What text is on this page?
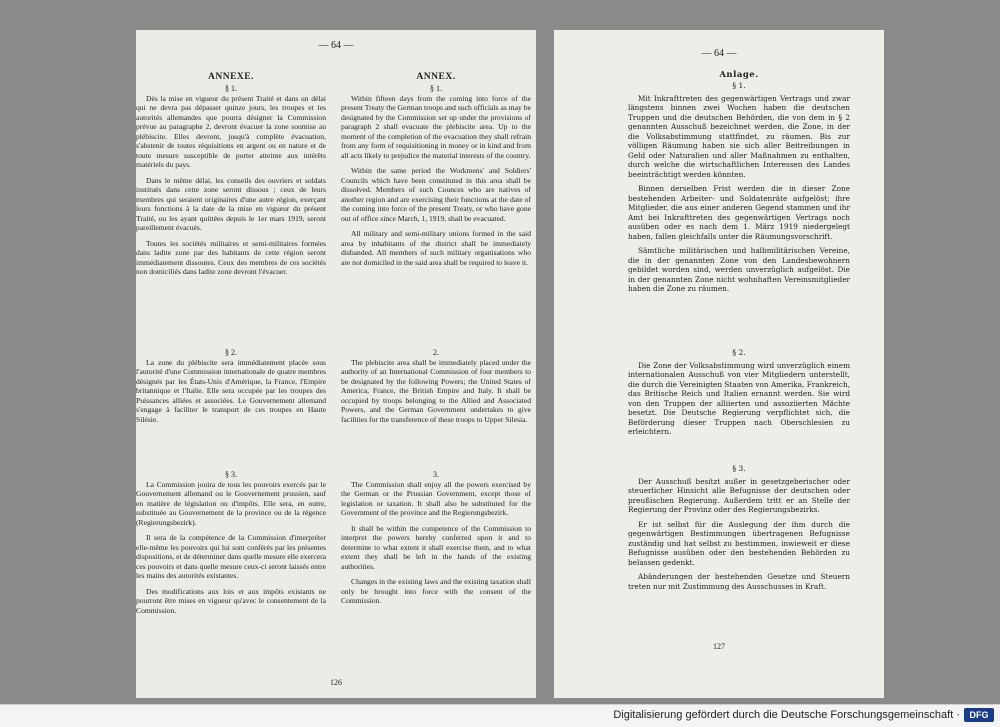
— 64 —
ANNEXE.
§ 1.

Dès la mise en vigueur du présent Traité et dans un délai qui ne devra pas dépasser quinze jours, les troupes et les autorités allemandes que pourra désigner la Commission prévue au paragraphe 2, devront évacuer la zone soumise au plébiscite. Elles devront, jusqu'à complète évacuation, s'abstenir de toutes réquisitions en argent ou en nature et de toute mesure susceptible de porter atteinte aux intérêts matériels du pays.

Dans le même délai, les conseils des ouvriers et soldats institués dans cette zone seront dissous ; ceux de leurs membres qui seraient originaires d'une autre région, exerçant leurs fonctions à la date de la mise en vigueur du présent Traité, ou les ayant quittées depuis le 1er mars 1919, seront pareillement évacués.

Toutes les sociétés militaires et semi-militaires formées dans ladite zone par des habitants de cette région seront immédiatement dissoutes. Ceux des membres de ces sociétés non domiciliés dans ladite zone devront l'évacuer.

§ 2.

La zone du plébiscite sera immédiatement placée sous l'autorité d'une Commission internationale de quatre membres désignés par les États-Unis d'Amérique, la France, l'Empire britannique et l'Italie. Elle sera occupée par les troupes des Puissances alliées et associées. Le Gouvernement allemand s'engage à faciliter le transport de ces troupes en Haute Silésie.

§ 3.

La Commission jouira de tous les pouvoirs exercés par le Gouvernement allemand ou le Gouvernement prussien, sauf en matière de législation ou d'impôts. Elle sera, en outre, substituée au Gouvernement de la province ou de la régence (Regierungsbezirk).

Il sera de la compétence de la Commission d'interpréter elle-même les pouvoirs qui lui sont conférés par les présentes dispositions, et de déterminer dans quelle mesure elle exercera ces pouvoirs et dans quelle mesure ceux-ci seront laissés entre les mains des autorités existantes.

Des modifications aux lois et aux impôts existants ne pourront être mises en vigueur qu'avec le consentement de la Commission.

ANNEX.
§ 1.

Within fifteen days from the coming into force of the present Treaty the German troops and such officials as may be designated by the Commission set up under the provisions of paragraph 2 shall evacuate the plebiscite area. Up to the moment of the completion of the evacuation they shall refrain from any form of requisitioning in money or in kind and from all acts likely to prejudice the material interests of the country.

Within the same period the Workmens' and Soldiers' Councils which have been constituted in this area shall be dissolved. Members of such Counces who are natives of another region and are exercising their functions at the date of the coming into force of the present Treaty, or who have gone out of office since March, 1, 1919, shall be evacuated.

All military and semi-military unions formed in the said area by inhabitants of the district shall be immediately disbanded. All members of such military organisations who are not domiciled in the said area shall be required to leave it.

2.

The plebiscite area shall be immediately placed under the authority of an International Commission of four members to be designated by the following Powers; the United States of America, France, the British Empire and Italy. It shall be occupied by troops belonging to the Allied and Associated Powers, and the German Government undertakes to give facilities for the transference of these troops to Upper Silesia.

3.

The Commission shall enjoy all the powers exercised by the German or the Prussian Government, except those of legislation or taxation. It shall also be substituted for the Government of the province and the Regierungsbezirk.

It shall be within the competence of the Commission to interpret the powers hereby conferred upon it and to determine to what extent it shall exercise them, and to what extent they shall be left in the hands of the existing authorities.

Changes in the existing laws and the existing taxation shall only be brought into force with the consent of the Commission.

126
— 64 —
Anlage.
§ 1.

Mit Inkrafttreten des gegenwärtigen Vertrags und zwar längstens binnen zwei Wochen haben die deutschen Truppen und die deutschen Behörden, die von dem in § 2 genannten Ausschuß bezeichnet werden, die Zone, in der die Volksabstimmung stattfindet, zu räumen. Bis zur völligen Räumung haben sie sich aller Beitreibungen in Geld oder Naturalien und aller Maßnahmen zu enthalten, durch welche die wirtschaftlichen Interessen des Landes beeinträchtigt werden könnten.

Binnen derselben Frist werden die in dieser Zone bestehenden Arbeiter- und Soldatenräte aufgelöst; ihre Mitglieder, die aus einer anderen Gegend stammen und ihr Amt bei Inkrafttreten des gegenwärtigen Vertrags noch ausüben oder es nach dem 1. März 1919 niedergelegt haben, fallen gleichfalls unter die Räumungsvorschrift.

Sämtliche militärischen und halbmilitärischen Vereine, die in der genannten Zone von den Landesbewohnern gebildet worden sind, werden unverzüglich aufgelöst. Die in der genannten Zone nicht wohnhaften Vereinsmitglieder haben die Zone zu räumen.

§ 2.

Die Zone der Volksabstimmung wird unverzüglich einem internationalen Ausschuß von vier Mitgliedern unterstellt, die durch die Vereinigten Staaten von Amerika, Frankreich, das Britische Reich und Italien ernannt werden. Sie wird von den Truppen der alliierten und assoziierten Mächte besetzt. Die Deutsche Regierung verpflichtet sich, die Beförderung dieser Truppen nach Oberschlesien zu erleichtern.

§ 3.

Der Ausschuß besitzt außer in gesetzgeberischer oder steuerlicher Hinsicht alle Befugnisse der deutschen oder preußischen Regierung. Außerdem tritt er an Stelle der Regierung der Provinz oder des Regierungsbezirks.

Er ist selbst für die Auslegung der ihm durch die gegenwärtigen Bestimmungen übertragenen Befugnisse zuständig und hat selbst zu bestimmen, inwieweit er diese Befugnisse ausüben oder den bestehenden Behörden zu belassen gedenkt.

Abänderungen der bestehenden Gesetze und Steuern treten nur mit Zustimmung des Ausschusses in Kraft.

127
Digitalisierung gefördert durch die Deutsche Forschungsgemeinschaft ·	DFG
